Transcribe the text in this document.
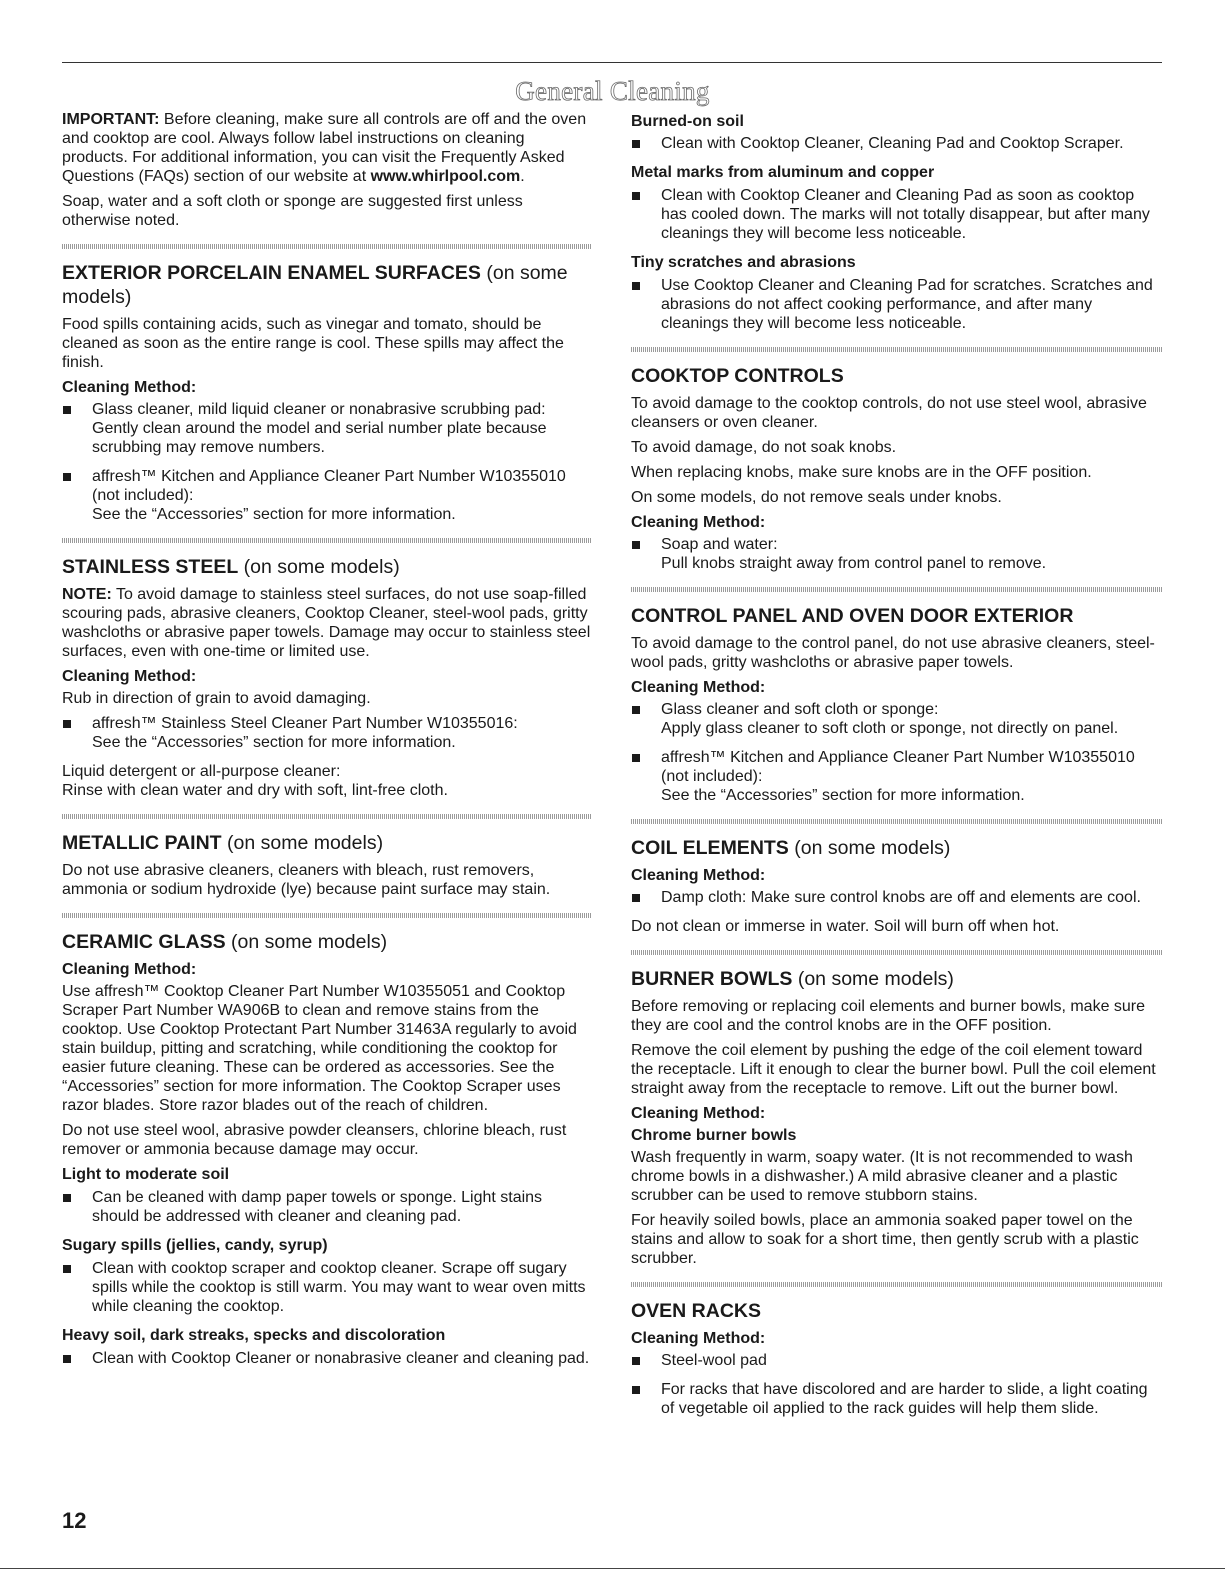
General Cleaning

IMPORTANT: Before cleaning, make sure all controls are off and the oven and cooktop are cool. Always follow label instructions on cleaning products. For additional information, you can visit the Frequently Asked Questions (FAQs) section of our website at www.whirlpool.com.

Soap, water and a soft cloth or sponge are suggested first unless otherwise noted.

EXTERIOR PORCELAIN ENAMEL SURFACES (on some models)

Food spills containing acids, such as vinegar and tomato, should be cleaned as soon as the entire range is cool. These spills may affect the finish.

Cleaning Method:
Glass cleaner, mild liquid cleaner or nonabrasive scrubbing pad:
Gently clean around the model and serial number plate because scrubbing may remove numbers.
affresh™ Kitchen and Appliance Cleaner Part Number W10355010 (not included):
See the “Accessories” section for more information.
STAINLESS STEEL (on some models)

NOTE: To avoid damage to stainless steel surfaces, do not use soap-filled scouring pads, abrasive cleaners, Cooktop Cleaner, steel-wool pads, gritty washcloths or abrasive paper towels. Damage may occur to stainless steel surfaces, even with one-time or limited use.

Cleaning Method:

Rub in direction of grain to avoid damaging.

affresh™ Stainless Steel Cleaner Part Number W10355016:
See the “Accessories” section for more information.

Liquid detergent or all-purpose cleaner:
Rinse with clean water and dry with soft, lint-free cloth.

METALLIC PAINT (on some models)

Do not use abrasive cleaners, cleaners with bleach, rust removers, ammonia or sodium hydroxide (lye) because paint surface may stain.

CERAMIC GLASS (on some models)
Cleaning Method:

Use affresh™ Cooktop Cleaner Part Number W10355051 and Cooktop Scraper Part Number WA906B to clean and remove stains from the cooktop. Use Cooktop Protectant Part Number 31463A regularly to avoid stain buildup, pitting and scratching, while conditioning the cooktop for easier future cleaning. These can be ordered as accessories. See the “Accessories” section for more information. The Cooktop Scraper uses razor blades. Store razor blades out of the reach of children.

Do not use steel wool, abrasive powder cleansers, chlorine bleach, rust remover or ammonia because damage may occur.

Light to moderate soil
Can be cleaned with damp paper towels or sponge. Light stains should be addressed with cleaner and cleaning pad.
Sugary spills (jellies, candy, syrup)
Clean with cooktop scraper and cooktop cleaner. Scrape off sugary spills while the cooktop is still warm. You may want to wear oven mitts while cleaning the cooktop.
Heavy soil, dark streaks, specks and discoloration
Clean with Cooktop Cleaner or nonabrasive cleaner and cleaning pad.
Burned-on soil
Clean with Cooktop Cleaner, Cleaning Pad and Cooktop Scraper.
Metal marks from aluminum and copper
Clean with Cooktop Cleaner and Cleaning Pad as soon as cooktop has cooled down. The marks will not totally disappear, but after many cleanings they will become less noticeable.
Tiny scratches and abrasions
Use Cooktop Cleaner and Cleaning Pad for scratches. Scratches and abrasions do not affect cooking performance, and after many cleanings they will become less noticeable.
COOKTOP CONTROLS

To avoid damage to the cooktop controls, do not use steel wool, abrasive cleansers or oven cleaner.

To avoid damage, do not soak knobs.

When replacing knobs, make sure knobs are in the OFF position.

On some models, do not remove seals under knobs.

Cleaning Method:
Soap and water:
Pull knobs straight away from control panel to remove.
CONTROL PANEL AND OVEN DOOR EXTERIOR

To avoid damage to the control panel, do not use abrasive cleaners, steel-wool pads, gritty washcloths or abrasive paper towels.

Cleaning Method:
Glass cleaner and soft cloth or sponge:
Apply glass cleaner to soft cloth or sponge, not directly on panel.
affresh™ Kitchen and Appliance Cleaner Part Number W10355010 (not included):
See the “Accessories” section for more information.
COIL ELEMENTS (on some models)
Cleaning Method:
Damp cloth: Make sure control knobs are off and elements are cool.

Do not clean or immerse in water. Soil will burn off when hot.

BURNER BOWLS (on some models)

Before removing or replacing coil elements and burner bowls, make sure they are cool and the control knobs are in the OFF position.

Remove the coil element by pushing the edge of the coil element toward the receptacle. Lift it enough to clear the burner bowl. Pull the coil element straight away from the receptacle to remove. Lift out the burner bowl.

Cleaning Method:
Chrome burner bowls

Wash frequently in warm, soapy water. (It is not recommended to wash chrome bowls in a dishwasher.) A mild abrasive cleaner and a plastic scrubber can be used to remove stubborn stains.

For heavily soiled bowls, place an ammonia soaked paper towel on the stains and allow to soak for a short time, then gently scrub with a plastic scrubber.

OVEN RACKS
Cleaning Method:
Steel-wool pad
For racks that have discolored and are harder to slide, a light coating of vegetable oil applied to the rack guides will help them slide.
12
